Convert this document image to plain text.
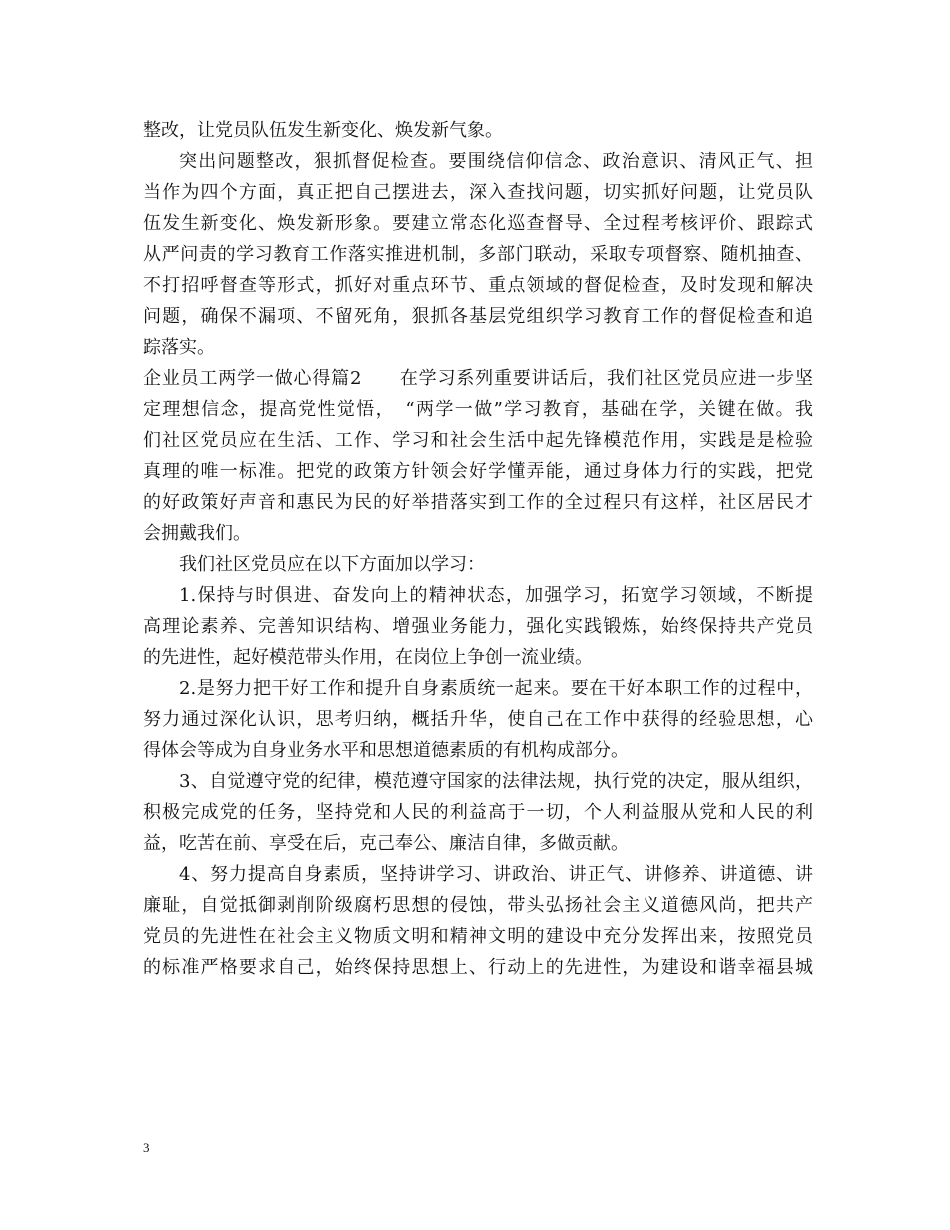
整改，让党员队伍发生新变化、焕发新气象。
突出问题整改，狠抓督促检查。要围绕信仰信念、政治意识、清风正气、担
当作为四个方面，真正把自己摆进去，深入查找问题，切实抓好问题，让党员队
伍发生新变化、焕发新形象。要建立常态化巡查督导、全过程考核评价、跟踪式
从严问责的学习教育工作落实推进机制，多部门联动，采取专项督察、随机抽查、
不打招呼督查等形式，抓好对重点环节、重点领域的督促检查，及时发现和解决
问题，确保不漏项、不留死角，狠抓各基层党组织学习教育工作的督促检查和追
踪落实。
企业员工两学一做心得篇2　　在学习系列重要讲话后，我们社区党员应进一步坚
定理想信念，提高党性觉悟，　“两学一做”学习教育，基础在学，关键在做。我
们社区党员应在生活、工作、学习和社会生活中起先锋模范作用，实践是是检验
真理的唯一标准。把党的政策方针领会好学懂弄能，通过身体力行的实践，把党
的好政策好声音和惠民为民的好举措落实到工作的全过程只有这样，社区居民才
会拥戴我们。
我们社区党员应在以下方面加以学习：
1.保持与时俱进、奋发向上的精神状态，加强学习，拓宽学习领域，不断提
高理论素养、完善知识结构、增强业务能力，强化实践锻炼，始终保持共产党员
的先进性，起好模范带头作用，在岗位上争创一流业绩。
2.是努力把干好工作和提升自身素质统一起来。要在干好本职工作的过程中，
努力通过深化认识，思考归纳，概括升华，使自己在工作中获得的经验思想，心
得体会等成为自身业务水平和思想道德素质的有机构成部分。
3、自觉遵守党的纪律，模范遵守国家的法律法规，执行党的决定，服从组织，
积极完成党的任务，坚持党和人民的利益高于一切，个人利益服从党和人民的利
益，吃苦在前、享受在后，克己奉公、廉洁自律，多做贡献。
4、努力提高自身素质，坚持讲学习、讲政治、讲正气、讲修养、讲道德、讲
廉耻，自觉抵御剥削阶级腐朽思想的侵蚀，带头弘扬社会主义道德风尚，把共产
党员的先进性在社会主义物质文明和精神文明的建设中充分发挥出来，按照党员
的标准严格要求自己，始终保持思想上、行动上的先进性，为建设和谐幸福县城
3
